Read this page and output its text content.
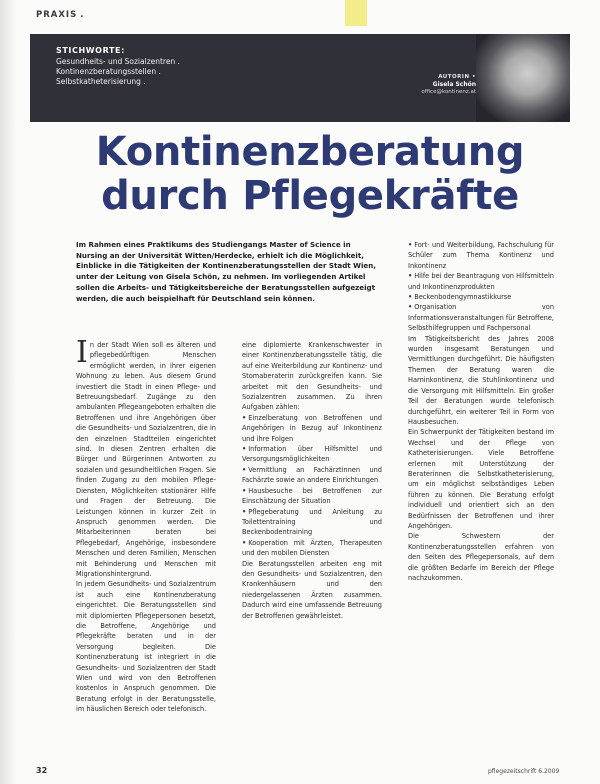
PRAXIS .
STICHWORTE:
Gesundheits- und Sozialzentren .
Kontinenzberatungsstellen .
Selbstkatheterisierung .	AUTORIN •
Gisela Schön
office@kontinenz.at
Kontinenzberatung
durch Pflegekräfte
Im Rahmen eines Praktikums des Studiengangs Master of Science in Nursing an der Universität Witten/Herdecke, erhielt ich die Möglichkeit, Einblicke in die Tätigkeiten der Kontinenzberatungsstellen der Stadt Wien, unter der Leitung von Gisela Schön, zu nehmen. Im vorliegenden Artikel sollen die Arbeits- und Tätigkeitsbereiche der Beratungsstellen aufgezeigt werden, die auch beispielhaft für Deutschland sein können.

In der Stadt Wien soll es älteren und pflegebedürftigen Menschen ermöglicht werden, in ihrer eigenen Wohnung zu leben. Aus diesem Grund investiert die Stadt in einen Pflege- und Betreuungsbedarf. Zugänge zu den ambulanten Pflegeangeboten erhalten die Betroffenen und ihre Angehörigen über die Gesundheits- und Sozialzentren, die in den einzelnen Stadtteilen eingerichtet sind. In diesen Zentren erhalten die Bürger und Bürgerinnen Antworten zu sozialen und gesundheitlichen Fragen. Sie finden Zugang zu den mobilen Pflege-Diensten, Möglichkeiten stationärer Hilfe und Fragen der Betreuung. Die Leistungen können in kurzer Zeit in Anspruch genommen werden. Die Mitarbeiterinnen beraten bei Pflegebedarf, Angehörige, insbesondere Menschen und deren Familien, Menschen mit Behinderung und Menschen mit Migrationshintergrund.

In jedem Gesundheits- und Sozialzentrum ist auch eine Kontinenzberatung eingerichtet. Die Beratungsstellen sind mit diplomierten Pflegepersonen besetzt, die Betroffene, Angehörige und Pflegekräfte beraten und in der Versorgung begleiten. Die Kontinenzberatung ist integriert in die Gesundheits- und Sozialzentren der Stadt Wien und wird von den Betroffenen kostenlos in Anspruch genommen. Die Beratung erfolgt in der Beratungsstelle, im häuslichen Bereich oder telefonisch.

eine diplomierte Krankenschwester in einer Kontinenzberatungsstelle tätig, die auf eine Weiterbildung zur Kontinenz- und Stomaberaterin zurückgreifen kann. Sie arbeitet mit den Gesundheits- und Sozialzentren zusammen. Zu ihren Aufgaben zählen:

• Einzelberatung von Betroffenen und Angehörigen in Bezug auf Inkontinenz und ihre Folgen
• Information über Hilfsmittel und Versorgungsmöglichkeiten
• Vermittlung an Fachärztinnen und Fachärzte sowie an andere Einrichtungen
• Hausbesuche bei Betroffenen zur Einschätzung der Situation
• Pflegeberatung und Anleitung zu Toilettentraining und Beckenbodentraining
• Kooperation mit Ärzten, Therapeuten und den mobilen Diensten

Die Beratungsstellen arbeiten eng mit den Gesundheits- und Sozialzentren, den Krankenhäusern und den niedergelassenen Ärzten zusammen. Dadurch wird eine umfassende Betreuung der Betroffenen gewährleistet.

• Fort- und Weiterbildung, Fachschulung für Schüler zum Thema Kontinenz und Inkontinenz
• Hilfe bei der Beantragung von Hilfsmitteln und Inkontinenzprodukten
• Beckenbodengymnastikkurse
• Organisation von Informationsveranstaltungen für Betroffene, Selbsthilfegruppen und Fachpersonal

Im Tätigkeitsbericht des Jahres 2008 wurden insgesamt Beratungen und Vermittlungen durchgeführt. Die häufigsten Themen der Beratung waren die Harninkontinenz, die Stuhlinkontinenz und die Versorgung mit Hilfsmitteln. Ein großer Teil der Beratungen wurde telefonisch durchgeführt, ein weiterer Teil in Form von Hausbesuchen.

Ein Schwerpunkt der Tätigkeiten bestand im Wechsel und der Pflege von Katheterisierungen. Viele Betroffene erlernen mit Unterstützung der Beraterinnen die Selbstkatheterisierung, um ein möglichst selbständiges Leben führen zu können. Die Beratung erfolgt individuell und orientiert sich an den Bedürfnissen der Betroffenen und ihrer Angehörigen.

Die Schwestern der Kontinenzberatungsstellen erfahren von den Seiten des Pflegepersonals, auf dem die größten Bedarfe im Bereich der Pflege nachzukommen.

32	pflegezeitschrift 6.2009
